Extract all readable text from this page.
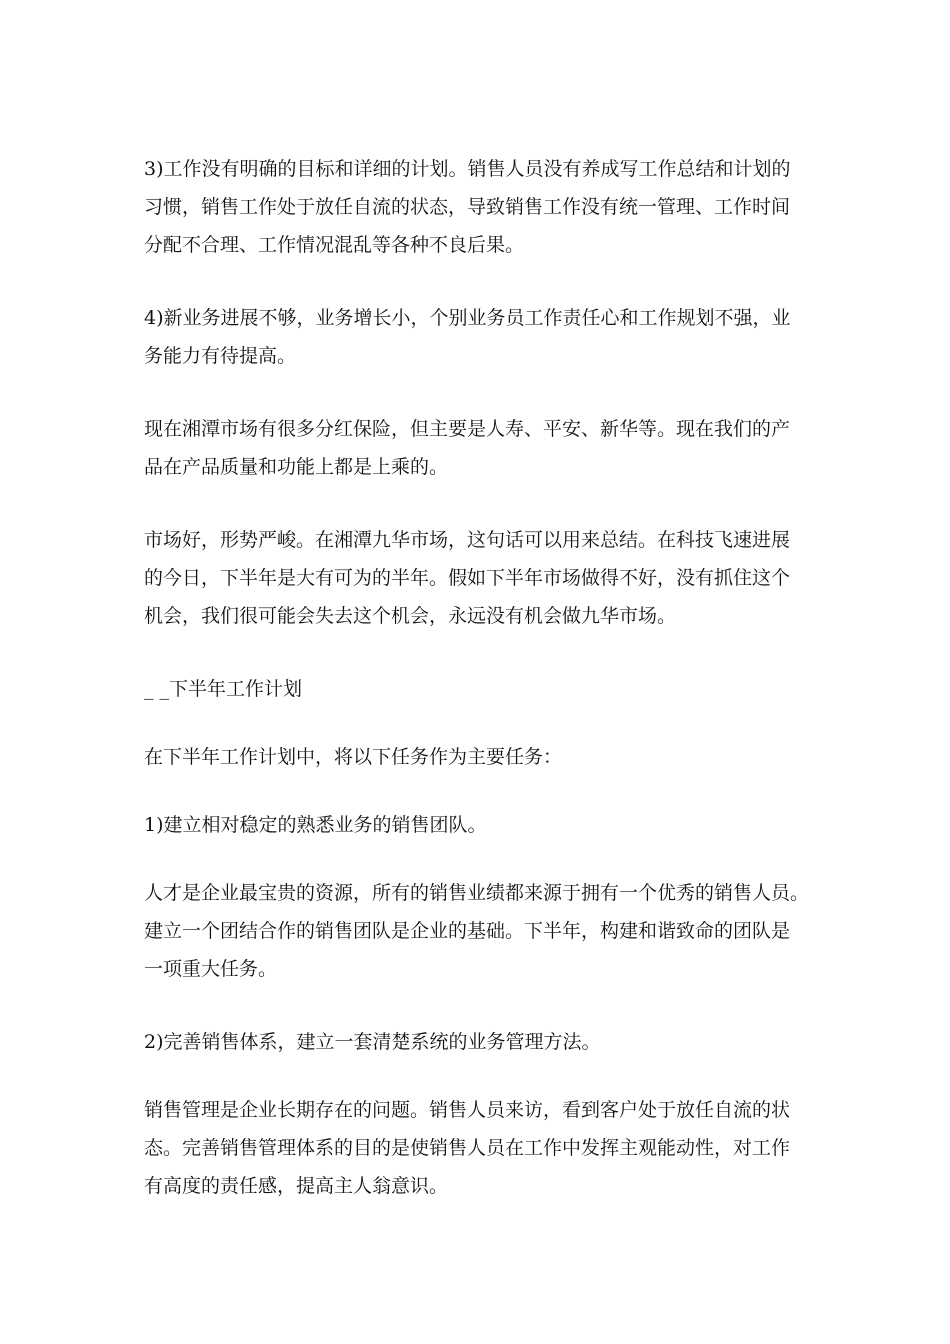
3)工作没有明确的目标和详细的计划。销售人员没有养成写工作总结和计划的
习惯，销售工作处于放任自流的状态，导致销售工作没有统一管理、工作时间
分配不合理、工作情况混乱等各种不良后果。

4)新业务进展不够，业务增长小，个别业务员工作责任心和工作规划不强，业
务能力有待提高。

现在湘潭市场有很多分红保险，但主要是人寿、平安、新华等。现在我们的产
品在产品质量和功能上都是上乘的。

市场好，形势严峻。在湘潭九华市场，这句话可以用来总结。在科技飞速进展
的今日，下半年是大有可为的半年。假如下半年市场做得不好，没有抓住这个
机会，我们很可能会失去这个机会，永远没有机会做九华市场。

_ _下半年工作计划

在下半年工作计划中，将以下任务作为主要任务：

1)建立相对稳定的熟悉业务的销售团队。

人才是企业最宝贵的资源，所有的销售业绩都来源于拥有一个优秀的销售人员。
建立一个团结合作的销售团队是企业的基础。下半年，构建和谐致命的团队是
一项重大任务。

2)完善销售体系，建立一套清楚系统的业务管理方法。

销售管理是企业长期存在的问题。销售人员来访，看到客户处于放任自流的状
态。完善销售管理体系的目的是使销售人员在工作中发挥主观能动性，对工作
有高度的责任感，提高主人翁意识。
